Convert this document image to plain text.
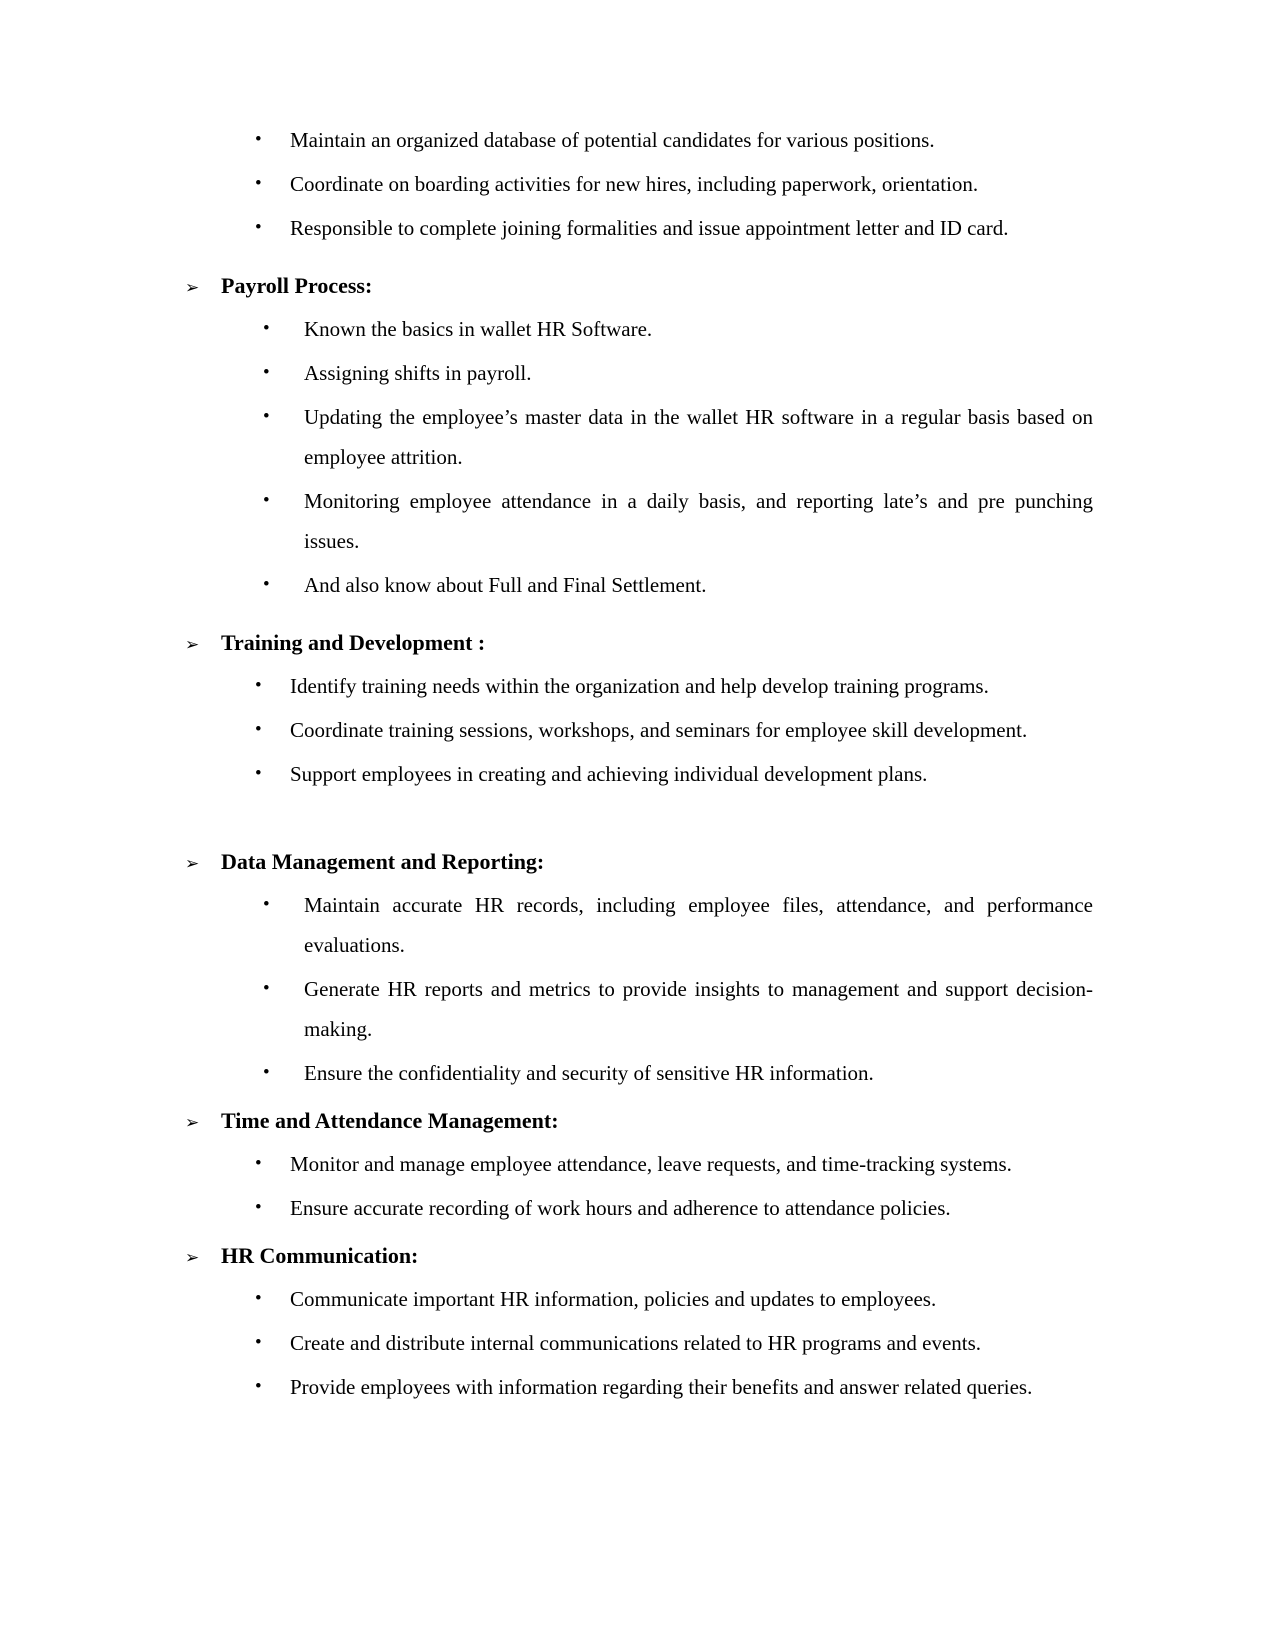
•	Maintain an organized database of potential candidates for various positions.
•	Coordinate on boarding activities for new hires, including paperwork, orientation.
•	Responsible to complete joining formalities and issue appointment letter and ID card.
➢ Payroll Process:
•	Known the basics in wallet HR Software.
•	Assigning shifts in payroll.
•	Updating the employee’s master data in the wallet HR software in a regular basis based on employee attrition.
•	Monitoring employee attendance in a daily basis, and reporting late’s and pre punching issues.
•	And also know about Full and Final Settlement.
➢ Training and Development :
•	Identify training needs within the organization and help develop training programs.
•	Coordinate training sessions, workshops, and seminars for employee skill development.
•	Support employees in creating and achieving individual development plans.
➢ Data Management and Reporting:
•	Maintain accurate HR records, including employee files, attendance, and performance evaluations.
•	Generate HR reports and metrics to provide insights to management and support decision-making.
•	Ensure the confidentiality and security of sensitive HR information.
➢ Time and Attendance Management:
•	Monitor and manage employee attendance, leave requests, and time-tracking systems.
•	Ensure accurate recording of work hours and adherence to attendance policies.
➢ HR Communication:
•	Communicate important HR information, policies and updates to employees.
•	Create and distribute internal communications related to HR programs and events.
•	Provide employees with information regarding their benefits and answer related queries.
